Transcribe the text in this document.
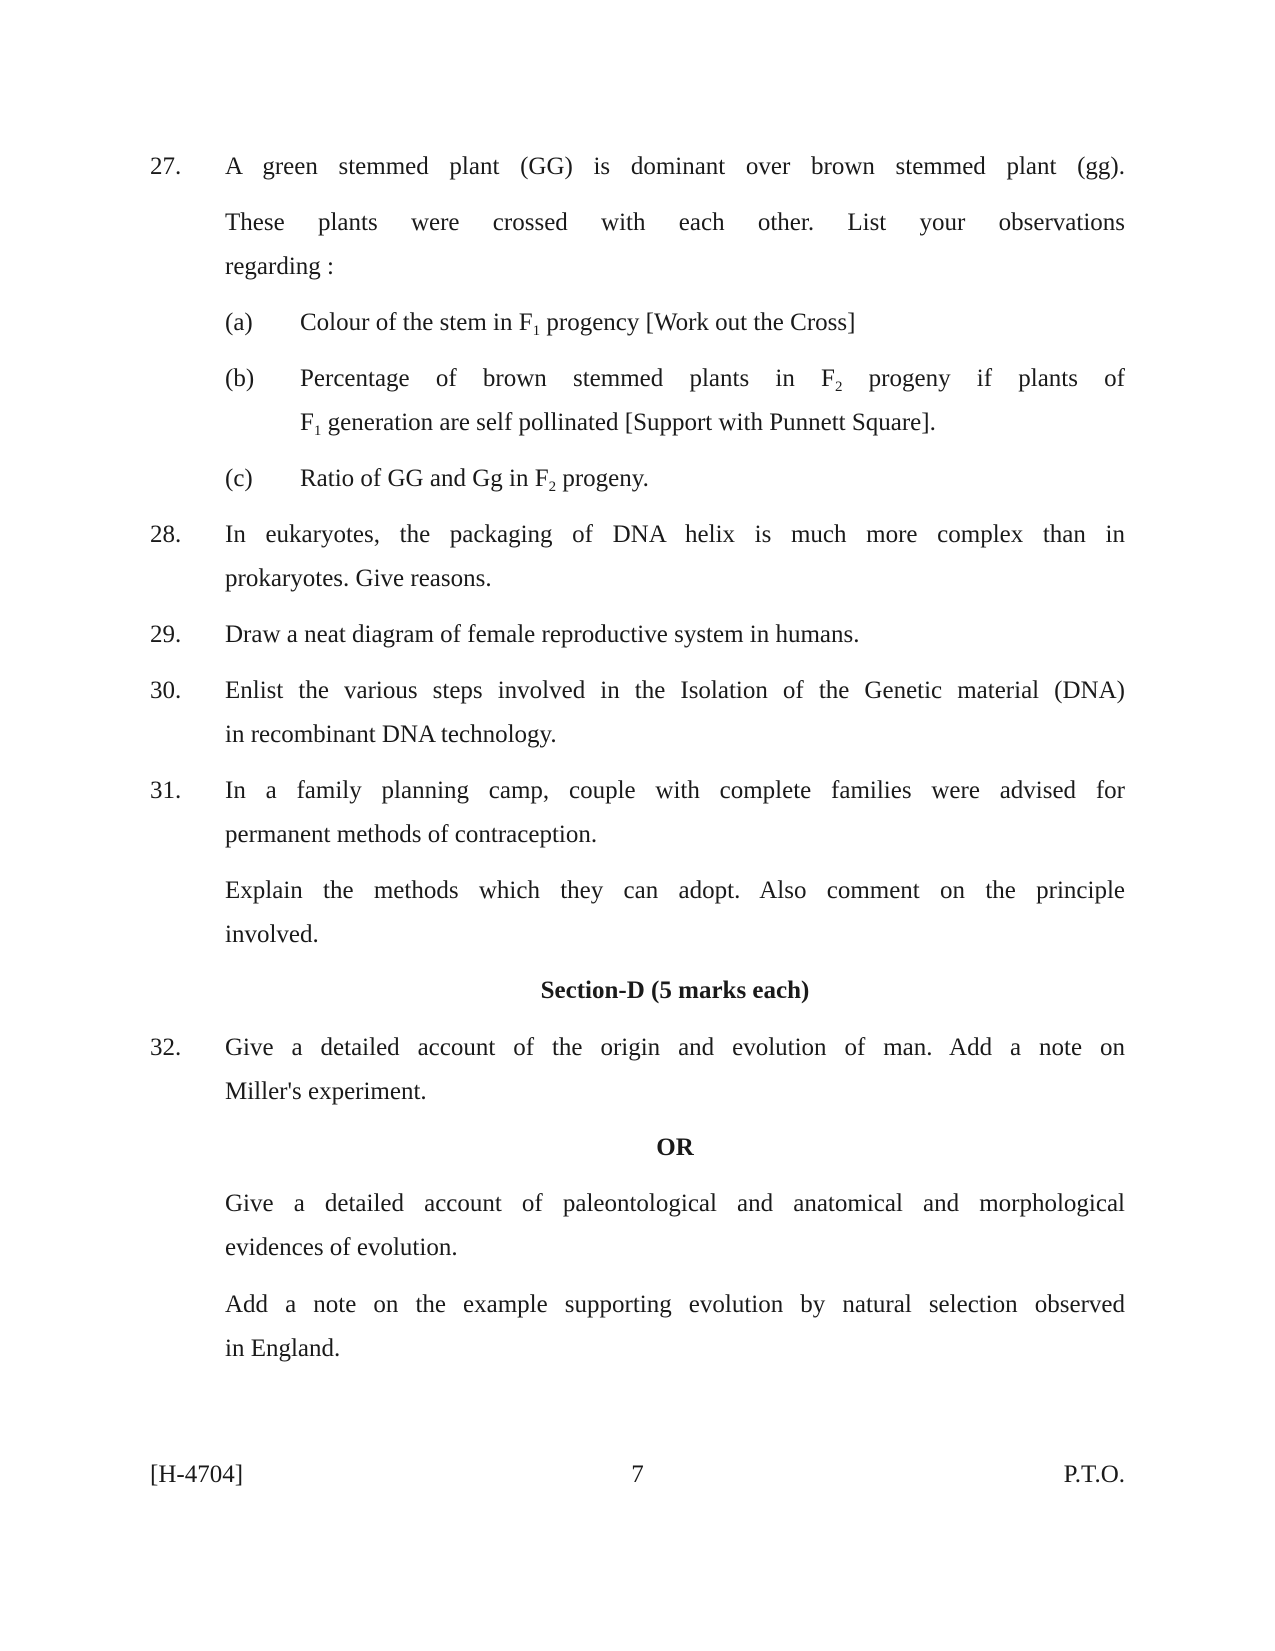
27. A green stemmed plant (GG) is dominant over brown stemmed plant (gg).
These plants were crossed with each other. List your observations
regarding :
(a) Colour of the stem in $F_1$ progency [Work out the Cross]
(b) Percentage of brown stemmed plants in $F_2$ progeny if plants of
$F_1$ generation are self pollinated [Support with Punnett Square].
(c) Ratio of GG and Gg in $F_2$ progeny.
28. In eukaryotes, the packaging of DNA helix is much more complex than in
prokaryotes. Give reasons.
29. Draw a neat diagram of female reproductive system in humans.
30. Enlist the various steps involved in the Isolation of the Genetic material (DNA)
in recombinant DNA technology.
31. In a family planning camp, couple with complete families were advised for
permanent methods of contraception.
Explain the methods which they can adopt. Also comment on the principle
involved.
Section-D (5 marks each)
32. Give a detailed account of the origin and evolution of man. Add a note on
Miller's experiment.
OR
Give a detailed account of paleontological and anatomical and morphological
evidences of evolution.
Add a note on the example supporting evolution by natural selection observed
in England.
[H-4704]	7	P.T.O.
